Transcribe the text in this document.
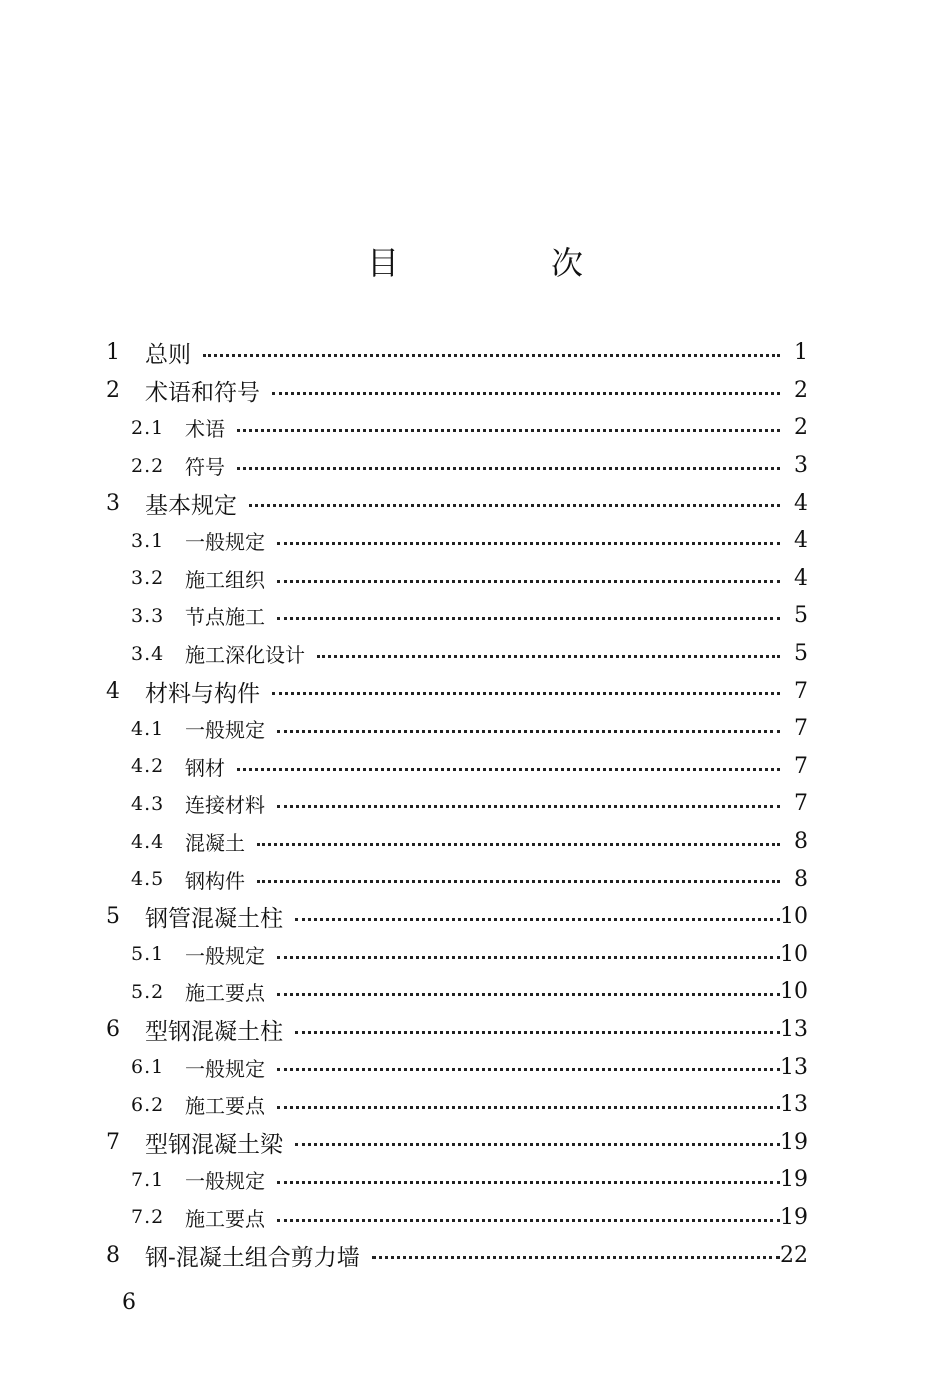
目　次
1 总则	1
2 术语和符号	2
2.1 术语	2
2.2 符号	3
3 基本规定	4
3.1 一般规定	4
3.2 施工组织	4
3.3 节点施工	5
3.4 施工深化设计	5
4 材料与构件	7
4.1 一般规定	7
4.2 钢材	7
4.3 连接材料	7
4.4 混凝土	8
4.5 钢构件	8
5 钢管混凝土柱	10
5.1 一般规定	10
5.2 施工要点	10
6 型钢混凝土柱	13
6.1 一般规定	13
6.2 施工要点	13
7 型钢混凝土梁	19
7.1 一般规定	19
7.2 施工要点	19
8 钢-混凝土组合剪力墙	22
6
